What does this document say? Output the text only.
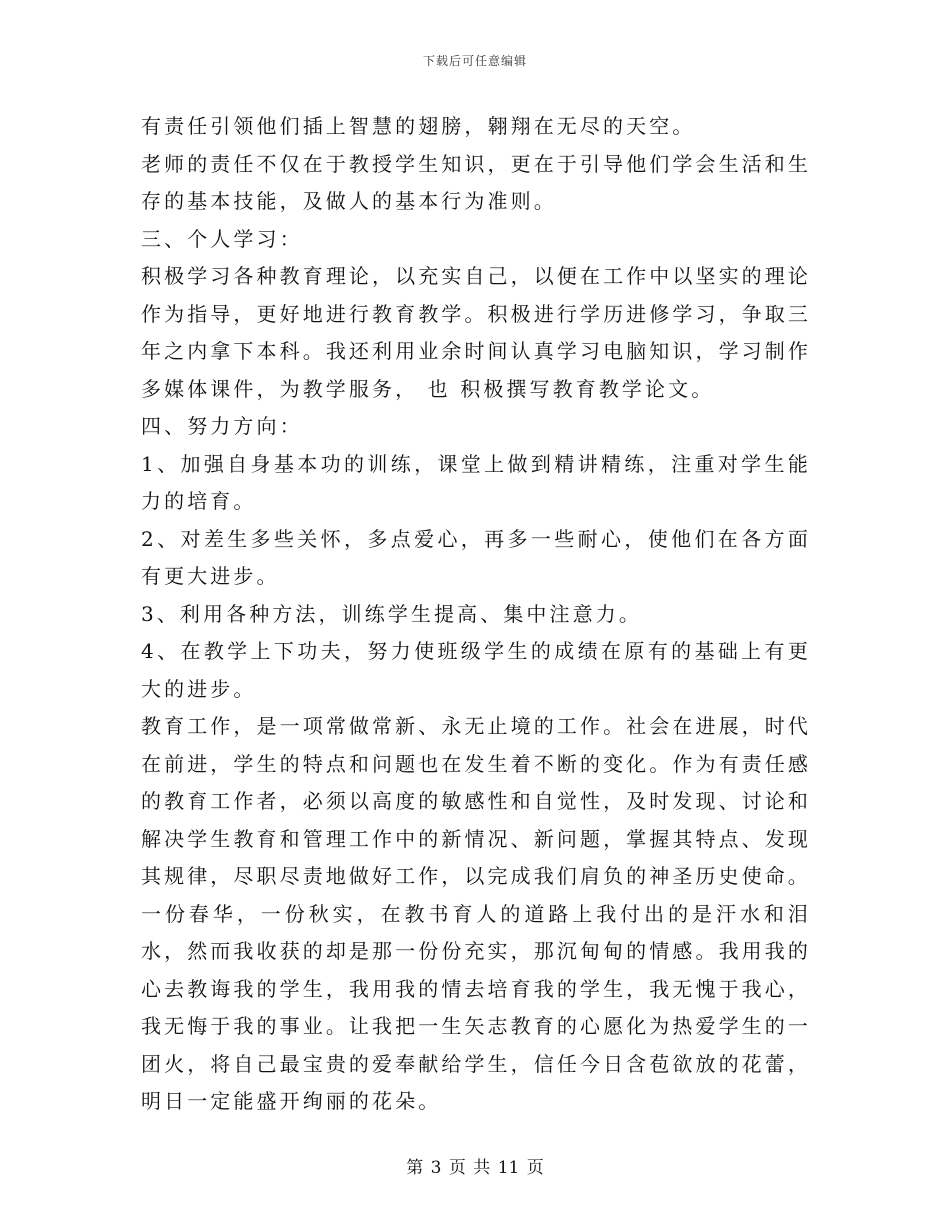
下载后可任意编辑

有责任引领他们插上智慧的翅膀，翱翔在无尽的天空。

老师的责任不仅在于教授学生知识，更在于引导他们学会生活和生存的基本技能，及做人的基本行为准则。

三、个人学习：

积极学习各种教育理论，以充实自己，以便在工作中以坚实的理论作为指导，更好地进行教育教学。积极进行学历进修学习，争取三年之内拿下本科。我还利用业余时间认真学习电脑知识，学习制作多媒体课件，为教学服务， 也 积极撰写教育教学论文。

四、努力方向：

1、加强自身基本功的训练，课堂上做到精讲精练，注重对学生能力的培育。

2、对差生多些关怀，多点爱心，再多一些耐心，使他们在各方面有更大进步。

3、利用各种方法，训练学生提高、集中注意力。

4、在教学上下功夫，努力使班级学生的成绩在原有的基础上有更大的进步。

教育工作，是一项常做常新、永无止境的工作。社会在进展，时代在前进，学生的特点和问题也在发生着不断的变化。作为有责任感的教育工作者，必须以高度的敏感性和自觉性，及时发现、讨论和解决学生教育和管理工作中的新情况、新问题，掌握其特点、发现其规律，尽职尽责地做好工作，以完成我们肩负的神圣历史使命。

一份春华，一份秋实，在教书育人的道路上我付出的是汗水和泪水，然而我收获的却是那一份份充实，那沉甸甸的情感。我用我的心去教诲我的学生，我用我的情去培育我的学生，我无愧于我心，我无悔于我的事业。让我把一生矢志教育的心愿化为热爱学生的一团火，将自己最宝贵的爱奉献给学生，信任今日含苞欲放的花蕾，明日一定能盛开绚丽的花朵。

第 3 页 共 11 页
